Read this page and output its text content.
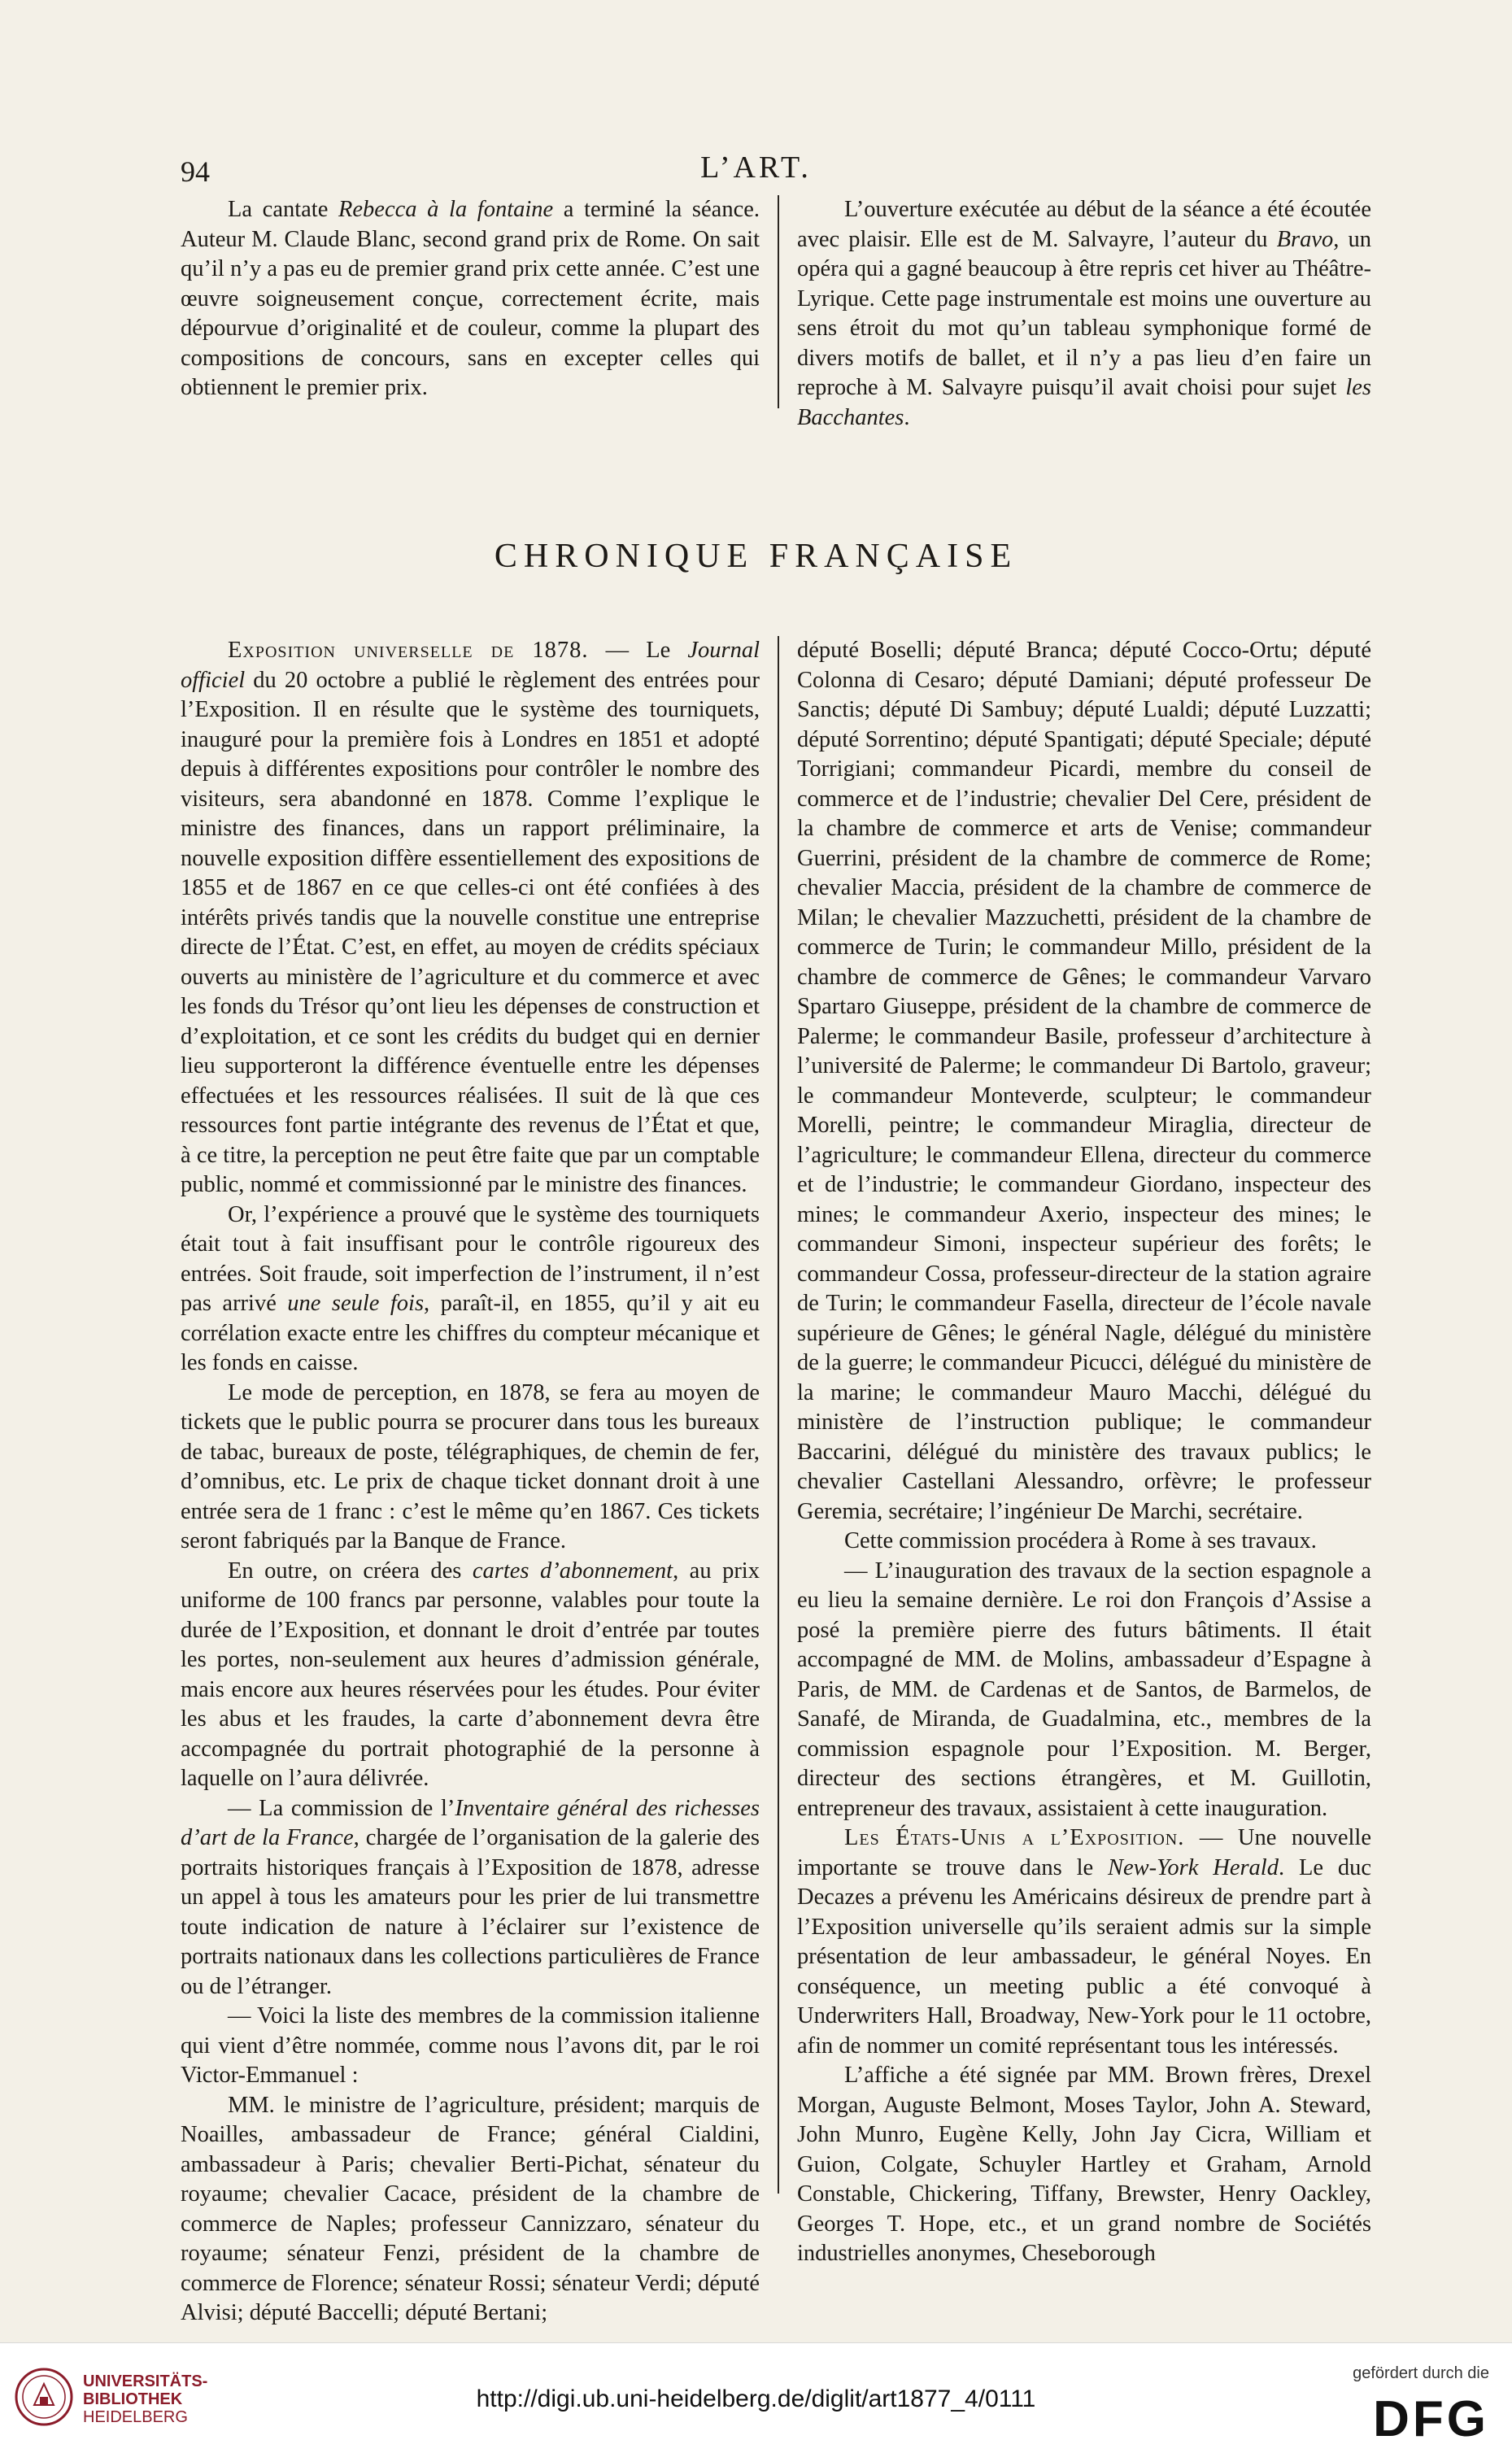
94	L’ART.

La cantate Rebecca à la fontaine a terminé la séance. Auteur M. Claude Blanc, second grand prix de Rome. On sait qu’il n’y a pas eu de premier grand prix cette année. C’est une œuvre soigneusement conçue, correctement écrite, mais dépourvue d’originalité et de couleur, comme la plupart des compositions de concours, sans en excepter celles qui obtiennent le premier prix.

L’ouverture exécutée au début de la séance a été écoutée avec plaisir. Elle est de M. Salvayre, l’auteur du Bravo, un opéra qui a gagné beaucoup à être repris cet hiver au Théâtre-Lyrique. Cette page instrumentale est moins une ouverture au sens étroit du mot qu’un tableau symphonique formé de divers motifs de ballet, et il n’y a pas lieu d’en faire un reproche à M. Salvayre puisqu’il avait choisi pour sujet les Bacchantes.

CHRONIQUE FRANÇAISE

Exposition universelle de 1878. — Le Journal officiel du 20 octobre a publié le règlement des entrées pour l’Exposition. Il en résulte que le système des tourniquets, inauguré pour la première fois à Londres en 1851 et adopté depuis à différentes expositions pour contrôler le nombre des visiteurs, sera abandonné en 1878. Comme l’explique le ministre des finances, dans un rapport préliminaire, la nouvelle exposition diffère essentiellement des expositions de 1855 et de 1867 en ce que celles-ci ont été confiées à des intérêts privés tandis que la nouvelle constitue une entreprise directe de l’État. C’est, en effet, au moyen de crédits spéciaux ouverts au ministère de l’agriculture et du commerce et avec les fonds du Trésor qu’ont lieu les dépenses de construction et d’exploitation, et ce sont les crédits du budget qui en dernier lieu supporteront la différence éventuelle entre les dépenses effectuées et les ressources réalisées. Il suit de là que ces ressources font partie intégrante des revenus de l’État et que, à ce titre, la perception ne peut être faite que par un comptable public, nommé et commissionné par le ministre des finances.

Or, l’expérience a prouvé que le système des tourniquets était tout à fait insuffisant pour le contrôle rigoureux des entrées. Soit fraude, soit imperfection de l’instrument, il n’est pas arrivé une seule fois, paraît-il, en 1855, qu’il y ait eu corrélation exacte entre les chiffres du compteur mécanique et les fonds en caisse.

Le mode de perception, en 1878, se fera au moyen de tickets que le public pourra se procurer dans tous les bureaux de tabac, bureaux de poste, télégraphiques, de chemin de fer, d’omnibus, etc. Le prix de chaque ticket donnant droit à une entrée sera de 1 franc : c’est le même qu’en 1867. Ces tickets seront fabriqués par la Banque de France.

En outre, on créera des cartes d’abonnement, au prix uniforme de 100 francs par personne, valables pour toute la durée de l’Exposition, et donnant le droit d’entrée par toutes les portes, non-seulement aux heures d’admission générale, mais encore aux heures réservées pour les études. Pour éviter les abus et les fraudes, la carte d’abonnement devra être accompagnée du portrait photographié de la personne à laquelle on l’aura délivrée.

— La commission de l’Inventaire général des richesses d’art de la France, chargée de l’organisation de la galerie des portraits historiques français à l’Exposition de 1878, adresse un appel à tous les amateurs pour les prier de lui transmettre toute indication de nature à l’éclairer sur l’existence de portraits nationaux dans les collections particulières de France ou de l’étranger.

— Voici la liste des membres de la commission italienne qui vient d’être nommée, comme nous l’avons dit, par le roi Victor-Emmanuel :

MM. le ministre de l’agriculture, président; marquis de Noailles, ambassadeur de France; général Cialdini, ambassadeur à Paris; chevalier Berti-Pichat, sénateur du royaume; chevalier Cacace, président de la chambre de commerce de Naples; professeur Cannizzaro, sénateur du royaume; sénateur Fenzi, président de la chambre de commerce de Florence; sénateur Rossi; sénateur Verdi; député Alvisi; député Baccelli; député Bertani;

député Boselli; député Branca; député Cocco-Ortu; député Colonna di Cesaro; député Damiani; député professeur De Sanctis; député Di Sambuy; député Lualdi; député Luzzatti; député Sorrentino; député Spantigati; député Speciale; député Torrigiani; commandeur Picardi, membre du conseil de commerce et de l’industrie; chevalier Del Cere, président de la chambre de commerce et arts de Venise; commandeur Guerrini, président de la chambre de commerce de Rome; chevalier Maccia, président de la chambre de commerce de Milan; le chevalier Mazzuchetti, président de la chambre de commerce de Turin; le commandeur Millo, président de la chambre de commerce de Gênes; le commandeur Varvaro Spartaro Giuseppe, président de la chambre de commerce de Palerme; le commandeur Basile, professeur d’architecture à l’université de Palerme; le commandeur Di Bartolo, graveur; le commandeur Monteverde, sculpteur; le commandeur Morelli, peintre; le commandeur Miraglia, directeur de l’agriculture; le commandeur Ellena, directeur du commerce et de l’industrie; le commandeur Giordano, inspecteur des mines; le commandeur Axerio, inspecteur des mines; le commandeur Simoni, inspecteur supérieur des forêts; le commandeur Cossa, professeur-directeur de la station agraire de Turin; le commandeur Fasella, directeur de l’école navale supérieure de Gênes; le général Nagle, délégué du ministère de la guerre; le commandeur Picucci, délégué du ministère de la marine; le commandeur Mauro Macchi, délégué du ministère de l’instruction publique; le commandeur Baccarini, délégué du ministère des travaux publics; le chevalier Castellani Alessandro, orfèvre; le professeur Geremia, secrétaire; l’ingénieur De Marchi, secrétaire.

Cette commission procédera à Rome à ses travaux.

— L’inauguration des travaux de la section espagnole a eu lieu la semaine dernière. Le roi don François d’Assise a posé la première pierre des futurs bâtiments. Il était accompagné de MM. de Molins, ambassadeur d’Espagne à Paris, de MM. de Cardenas et de Santos, de Barmelos, de Sanafé, de Miranda, de Guadalmina, etc., membres de la commission espagnole pour l’Exposition. M. Berger, directeur des sections étrangères, et M. Guillotin, entrepreneur des travaux, assistaient à cette inauguration.

Les États-Unis a l’Exposition. — Une nouvelle importante se trouve dans le New-York Herald. Le duc Decazes a prévenu les Américains désireux de prendre part à l’Exposition universelle qu’ils seraient admis sur la simple présentation de leur ambassadeur, le général Noyes. En conséquence, un meeting public a été convoqué à Underwriters Hall, Broadway, New-York pour le 11 octobre, afin de nommer un comité représentant tous les intéressés.

L’affiche a été signée par MM. Brown frères, Drexel Morgan, Auguste Belmont, Moses Taylor, John A. Steward, John Munro, Eugène Kelly, John Jay Cicra, William et Guion, Colgate, Schuyler Hartley et Graham, Arnold Constable, Chickering, Tiffany, Brewster, Henry Oackley, Georges T. Hope, etc., et un grand nombre de Sociétés industrielles anonymes, Cheseborough

UNIVERSITÄTS-
BIBLIOTHEK
HEIDELBERG
http://digi.ub.uni-heidelberg.de/diglit/art1877_4/0111
gefördert durch die
DFG
